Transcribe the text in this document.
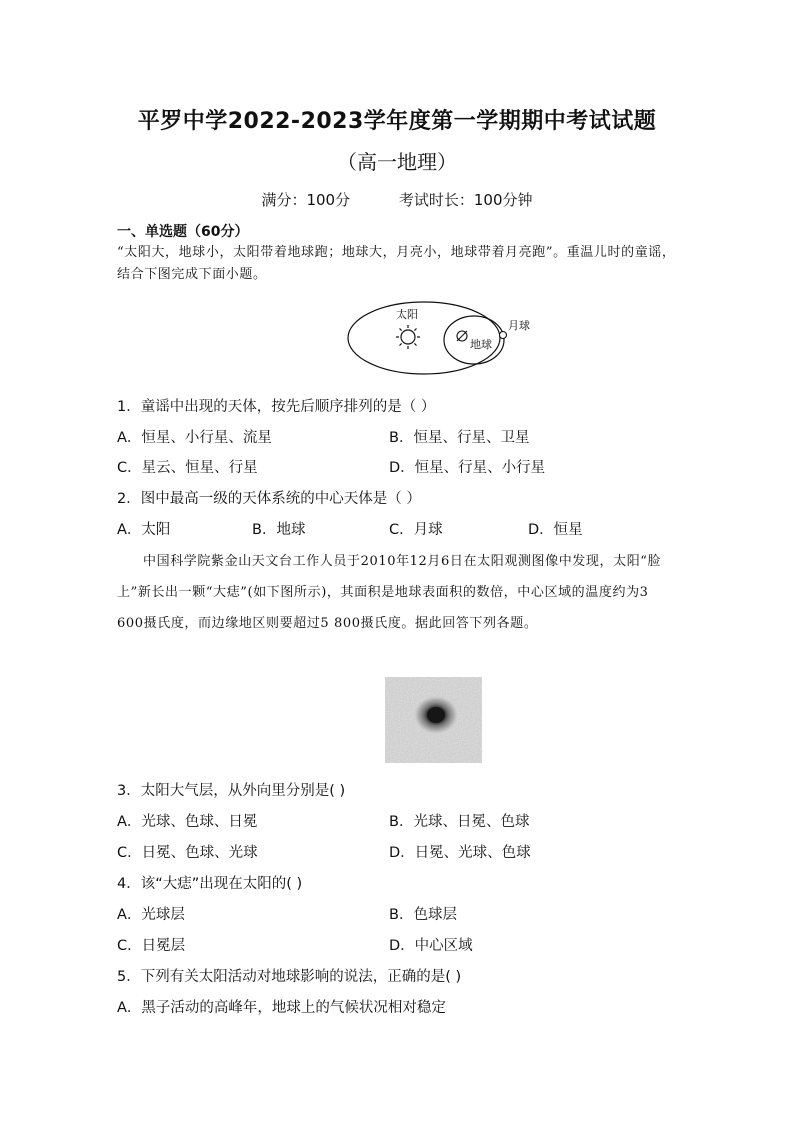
平罗中学2022-2023学年度第一学期期中考试试题
（高一地理）
满分：100分	考试时长：100分钟
一、单选题（60分）
“太阳大，地球小，太阳带着地球跑；地球大，月亮小，地球带着月亮跑”。重温儿时的童谣，结合下图完成下面小题。
太阳
地球
月球
1．童谣中出现的天体，按先后顺序排列的是（ ）
A．恒星、小行星、流星	B．恒星、行星、卫星
C．星云、恒星、行星	D．恒星、行星、小行星
2．图中最高一级的天体系统的中心天体是（ ）
A．太阳	B．地球	C．月球	D．恒星
中国科学院紫金山天文台工作人员于2010年12月6日在太阳观测图像中发现，太阳“脸上”新长出一颗“大痣”(如下图所示)，其面积是地球表面积的数倍，中心区域的温度约为3 600摄氏度，而边缘地区则要超过5 800摄氏度。据此回答下列各题。
3．太阳大气层，从外向里分别是( )
A．光球、色球、日冕	B．光球、日冕、色球
C．日冕、色球、光球	D．日冕、光球、色球
4．该“大痣”出现在太阳的( )
A．光球层	B．色球层
C．日冕层	D．中心区域
5．下列有关太阳活动对地球影响的说法，正确的是( )
A．黑子活动的高峰年，地球上的气候状况相对稳定
